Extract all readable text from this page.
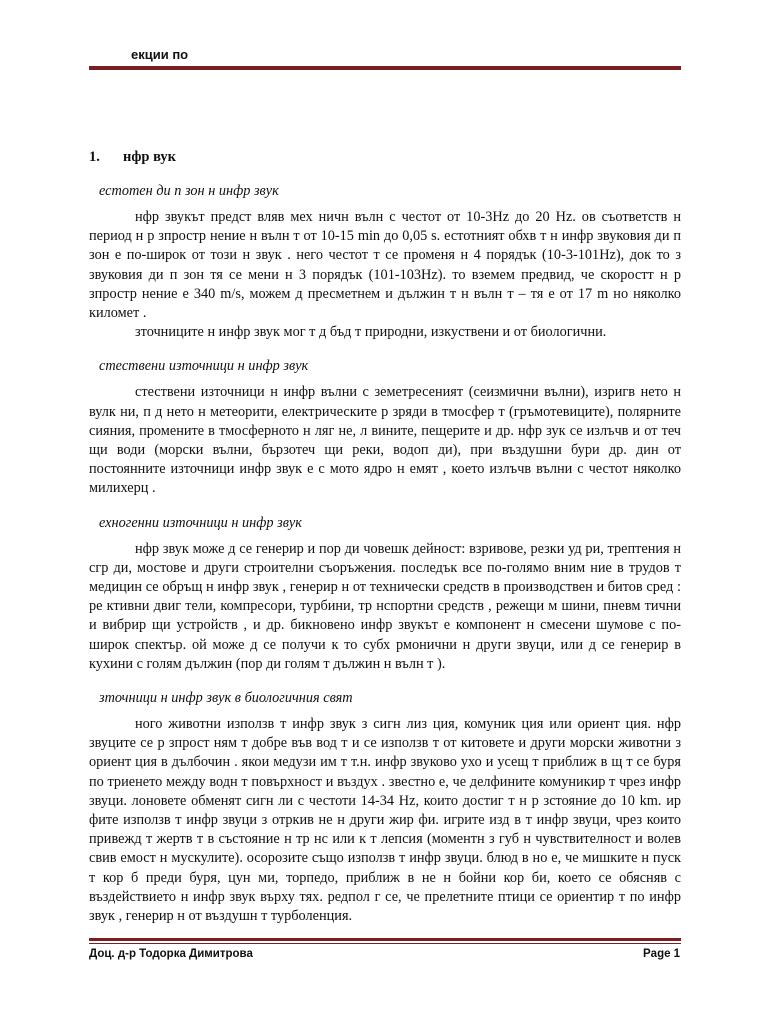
екции по
1. нфр вук
естотен ди п зон н инфр звук

нфр звукът предст вляв мех ничн вълн с честот от 10-3Hz до 20 Hz. ов съответств н период н р зпростр нение н вълн т от 10-15 min до 0,05 s. естотният обхв т н инфр звуковия ди п зон е по-широк от този н звук . него честот т се променя н 4 порядък (10-3-101Hz), док то з звуковия ди п зон тя се мени н 3 порядък (101-103Hz). то вземем предвид, че скоростт н р зпростр нение е 340 m/s, можем д пресметнем и дължин т н вълн т – тя е от 17 m но няколко километ .

зточниците н инфр звук мог т д бъд т природни, изкуствени и от биологични.

стествени източници н инфр звук

стествени източници н инфр вълни с земетресеният (сеизмични вълни), изригв нето н вулк ни, п д нето н метеорити, електрическите р зряди в тмосфер т (гръмотевиците), полярните сияния, промените в тмосферното н ляг не, л вините, пещерите и др. нфр зук се излъчв и от теч щи води (морски вълни, бързотеч щи реки, водоп ди), при въздушни бури др. дин от постоянните източници инфр звук е с мото ядро н емят , което излъчв вълни с честот няколко милихерц .

ехногенни източници н инфр звук

нфр звук може д се генерир и пор ди човешк дейност: взривове, резки уд ри, трептения н сгр ди, мостове и други строителни съоръжения. последък все по-голямо вним ние в трудов т медицин се обръщ н инфр звук , генерир н от технически средств в производствен и битов сред : ре ктивни двиг тели, компресори, турбини, тр нспортни средств , режещи м шини, пневм тични и вибрир щи устройств , и др. бикновено инфр звукът е компонент н смесени шумове с по-широк спектър. ой може д се получи к то субх рмонични н други звуци, или д се генерир в кухини с голям дължин (пор ди голям т дължин н вълн т ).

зточници н инфр звук в биологичния свят

ного животни използв т инфр звук з сигн лиз ция, комуник ция или ориент ция. нфр звуците се р зпрост ням т добре във вод т и се използв т от китовете и други морски животни з ориент ция в дълбочин . якои медузи им т т.н. инфр звуково ухо и усещ т приближ в щ т се буря по триенето между водн т повърхност и въздух . звестно е, че делфините комуникир т чрез инфр звуци. лоновете обменят сигн ли с честоти 14-34 Hz, които достиг т н р зстояние до 10 km. ир фите използв т инфр звуци з отркив не н други жир фи. игрите изд в т инфр звуци, чрез които привежд т жертв т в състояние н тр нс или к т лепсия (моментн з губ н чувствителност и волев свив емост н мускулите). осорозите също използв т инфр звуци. блюд в но е, че мишките н пуск т кор б преди буря, цун ми, торпедо, приближ в не н бойни кор би, което се обясняв с въздействието н инфр звук върху тях. редпол г се, че прелетните птици се ориентир т по инфр звук , генерир н от въздушн т турболенция.

Доц. д-р Тодорка Димитрова	Page 1
